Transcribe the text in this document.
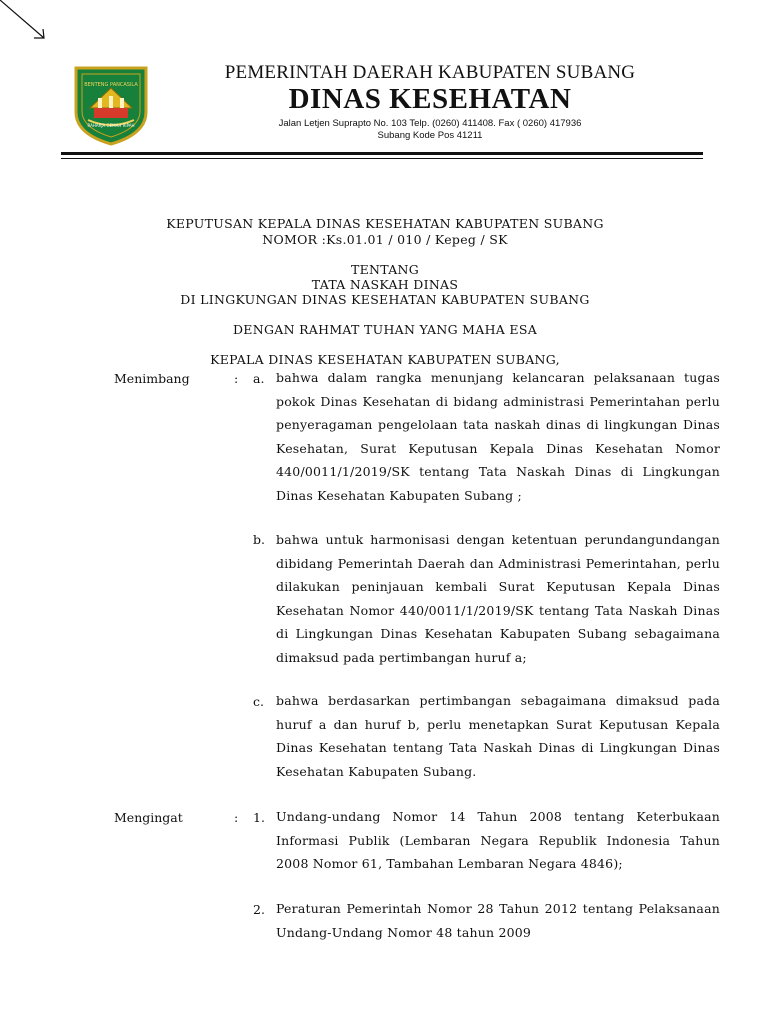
BENTENG PANCASILA
RAHARJA GEMAH RIPAH
PEMERINTAH DAERAH KABUPATEN SUBANG
DINAS KESEHATAN
Jalan Letjen Suprapto No. 103 Telp. (0260) 411408. Fax ( 0260) 417936
Subang Kode Pos 41211
KEPUTUSAN KEPALA DINAS KESEHATAN KABUPATEN SUBANG
NOMOR :Ks.01.01 / 010 / Kepeg / SK
TENTANG
TATA NASKAH DINAS
DI LINGKUNGAN DINAS KESEHATAN KABUPATEN SUBANG
DENGAN RAHMAT TUHAN YANG MAHA ESA
KEPALA DINAS KESEHATAN KABUPATEN SUBANG,
Menimbang	: a. bahwa dalam rangka menunjang kelancaran pelaksanaan tugas pokok Dinas Kesehatan di bidang administrasi Pemerintahan perlu penyeragaman pengelolaan tata naskah dinas di lingkungan Dinas Kesehatan, Surat Keputusan Kepala Dinas Kesehatan Nomor 440/0011/1/2019/SK tentang Tata Naskah Dinas di Lingkungan Dinas Kesehatan Kabupaten Subang ;
b. bahwa untuk harmonisasi dengan ketentuan perundangundangan dibidang Pemerintah Daerah dan Administrasi Pemerintahan, perlu dilakukan peninjauan kembali Surat Keputusan Kepala Dinas Kesehatan Nomor 440/0011/1/2019/SK tentang Tata Naskah Dinas di Lingkungan Dinas Kesehatan Kabupaten Subang sebagaimana dimaksud pada pertimbangan huruf a;
c. bahwa berdasarkan pertimbangan sebagaimana dimaksud pada huruf a dan huruf b, perlu menetapkan Surat Keputusan Kepala Dinas Kesehatan tentang Tata Naskah Dinas di Lingkungan Dinas Kesehatan Kabupaten Subang.
Mengingat	: 1. Undang-undang Nomor 14 Tahun 2008 tentang Keterbukaan Informasi Publik (Lembaran Negara Republik Indonesia Tahun 2008 Nomor 61, Tambahan Lembaran Negara 4846);
2. Peraturan Pemerintah Nomor 28 Tahun 2012 tentang Pelaksanaan Undang-Undang Nomor 48 tahun 2009
